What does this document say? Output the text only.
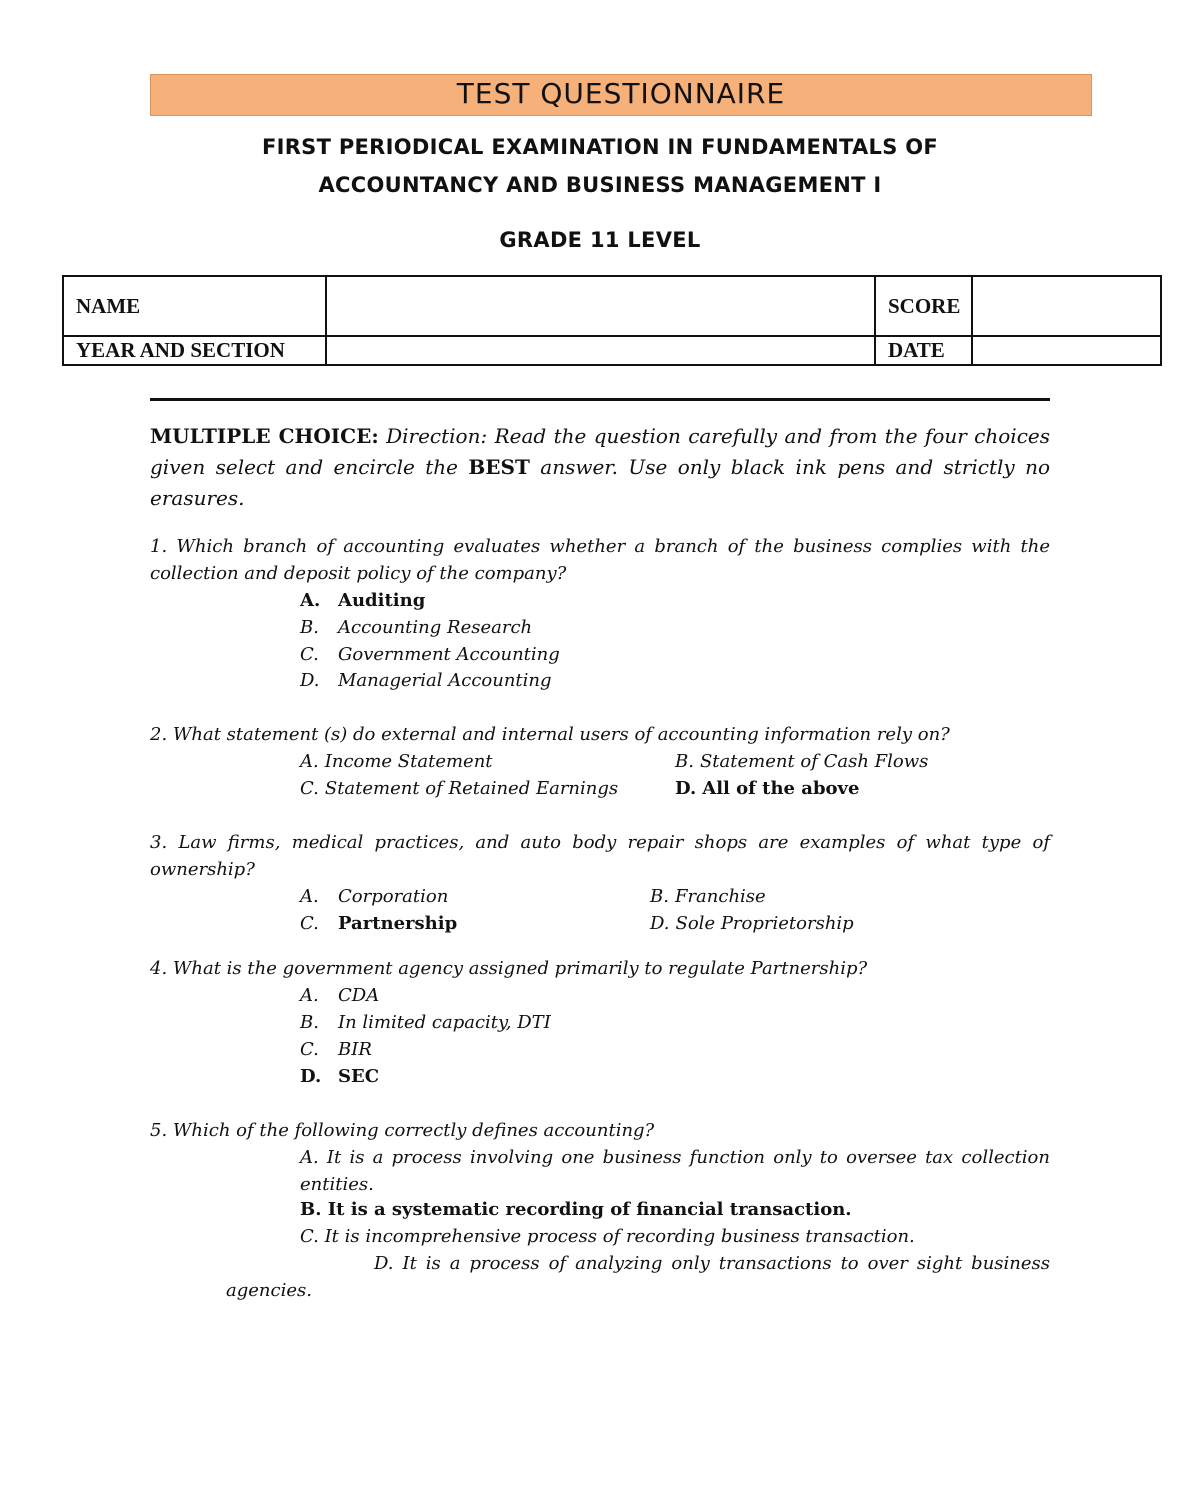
TEST QUESTIONNAIRE
FIRST PERIODICAL EXAMINATION IN FUNDAMENTALS OF
ACCOUNTANCY AND BUSINESS MANAGEMENT I
GRADE 11 LEVEL
NAME		SCORE	
YEAR AND SECTION		DATE	
MULTIPLE CHOICE: Direction: Read the question carefully and from the four choices given select and encircle the BEST answer. Use only black ink pens and strictly no erasures.
1. Which branch of accounting evaluates whether a branch of the business complies with the collection and deposit policy of the company?
A. Auditing
B. Accounting Research
C. Government Accounting
D. Managerial Accounting
2. What statement (s) do external and internal users of accounting information rely on?
A. Income Statement	B. Statement of Cash Flows
C. Statement of Retained Earnings	D. All of the above
3. Law firms, medical practices, and auto body repair shops are examples of what type of ownership?
A. Corporation	B. Franchise
C. Partnership	D. Sole Proprietorship
4. What is the government agency assigned primarily to regulate Partnership?
A. CDA
B. In limited capacity, DTI
C. BIR
D. SEC
5. Which of the following correctly defines accounting?
A. It is a process involving one business function only to oversee tax collection entities.
B. It is a systematic recording of financial transaction.
C. It is incomprehensive process of recording business transaction.
D. It is a process of analyzing only transactions to over sight business agencies.
